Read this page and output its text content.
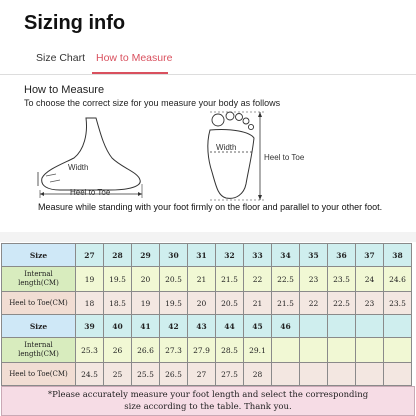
Sizing info
Size Chart How to Measure
How to Measure
To choose the correct size for you measure your body as follows
Width
Heel to Toe
Width
Heel to Toe
Measure while standing with your foot firmly on the floor and parallel to your other foot.
Size	27	28	29	30	31	32	33	34	35	36	37	38

Internal
length(CM)	19	19.5	20	20.5	21	21.5	22	22.5	23	23.5	24	24.6
Heel to Toe(CM)	18	18.5	19	19.5	20	20.5	21	21.5	22	22.5	23	23.5
Size	39	40	41	42	43	44	45	46				

Internal
length(CM)	25.3	26	26.6	27.3	27.9	28.5	29.1					
Heel to Toe(CM)	24.5	25	25.5	26.5	27	27.5	28					
*Please accurately measure your foot length and select the corresponding
size according to the table. Thank you.
